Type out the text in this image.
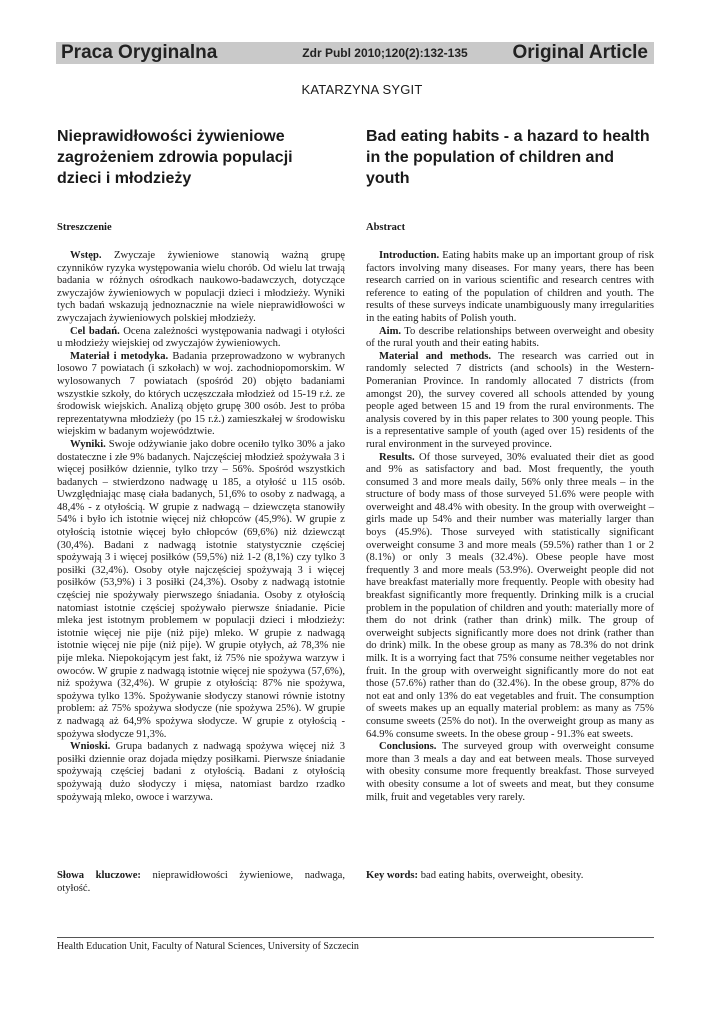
Praca Oryginalna	Zdr Publ 2010;120(2):132-135	Original Article
KATARZYNA SYGIT
Nieprawidłowości żywieniowe zagrożeniem zdrowia populacji dzieci i młodzieży
Bad eating habits - a hazard to health in the population of children and youth
Streszczenie	Abstract

Wstęp. Zwyczaje żywieniowe stanowią ważną grupę czynników ryzyka występowania wielu chorób. Od wielu lat trwają badania w różnych ośrodkach naukowo-badawczych, dotyczące zwyczajów żywieniowych w populacji dzieci i młodzieży. Wyniki tych badań wskazują jednoznacznie na wiele nieprawidłowości w zwyczajach żywieniowych polskiej młodzieży.

Cel badań. Ocena zależności występowania nadwagi i otyłości u młodzieży wiejskiej od zwyczajów żywieniowych.

Materiał i metodyka. Badania przeprowadzono w wybranych losowo 7 powiatach (i szkołach) w woj. zachodniopomorskim. W wylosowanych 7 powiatach (spośród 20) objęto badaniami wszystkie szkoły, do których uczęszczała młodzież od 15-19 r.ż. ze środowisk wiejskich. Analizą objęto grupę 300 osób. Jest to próba reprezentatywna młodzieży (po 15 r.ż.) zamieszkałej w środowisku wiejskim w badanym województwie.

Wyniki. Swoje odżywianie jako dobre oceniło tylko 30% a jako dostateczne i złe 9% badanych. Najczęściej młodzież spożywała 3 i więcej posiłków dziennie, tylko trzy – 56%. Spośród wszystkich badanych – stwierdzono nadwagę u 185, a otyłość u 115 osób. Uwzględniając masę ciała badanych, 51,6% to osoby z nadwagą, a 48,4% - z otyłością. W grupie z nadwagą – dziewczęta stanowiły 54% i było ich istotnie więcej niż chłopców (45,9%). W grupie z otyłością istotnie więcej było chłopców (69,6%) niż dziewcząt (30,4%). Badani z nadwagą istotnie statystycznie częściej spożywają 3 i więcej posiłków (59,5%) niż 1-2 (8,1%) czy tylko 3 posiłki (32,4%). Osoby otyłe najczęściej spożywają 3 i więcej posiłków (53,9%) i 3 posiłki (24,3%). Osoby z nadwagą istotnie częściej nie spożywały pierwszego śniadania. Osoby z otyłością natomiast istotnie częściej spożywało pierwsze śniadanie. Picie mleka jest istotnym problemem w populacji dzieci i młodzieży: istotnie więcej nie pije (niż pije) mleko. W grupie z nadwagą istotnie więcej nie pije (niż pije). W grupie otyłych, aż 78,3% nie pije mleka. Niepokojącym jest fakt, iż 75% nie spożywa warzyw i owoców. W grupie z nadwagą istotnie więcej nie spożywa (57,6%), niż spożywa (32,4%). W grupie z otyłością: 87% nie spożywa, spożywa tylko 13%. Spożywanie słodyczy stanowi równie istotny problem: aż 75% spożywa słodycze (nie spożywa 25%). W grupie z nadwagą aż 64,9% spożywa słodycze. W grupie z otyłością - spożywa słodycze 91,3%.

Wnioski. Grupa badanych z nadwagą spożywa więcej niż 3 posiłki dziennie oraz dojada między posiłkami. Pierwsze śniadanie spożywają częściej badani z otyłością. Badani z otyłością spożywają dużo słodyczy i mięsa, natomiast bardzo rzadko spożywają mleko, owoce i warzywa.

Introduction. Eating habits make up an important group of risk factors involving many diseases. For many years, there has been research carried on in various scientific and research centres with reference to eating of the population of children and youth. The results of these surveys indicate unambiguously many irregularities in the eating habits of Polish youth.

Aim. To describe relationships between overweight and obesity of the rural youth and their eating habits.

Material and methods. The research was carried out in randomly selected 7 districts (and schools) in the Western-Pomeranian Province. In randomly allocated 7 districts (from amongst 20), the survey covered all schools attended by young people aged between 15 and 19 from the rural environments. The analysis covered by in this paper relates to 300 young people. This is a representative sample of youth (aged over 15) residents of the rural environment in the surveyed province.

Results. Of those surveyed, 30% evaluated their diet as good and 9% as satisfactory and bad. Most frequently, the youth consumed 3 and more meals daily, 56% only three meals – in the structure of body mass of those surveyed 51.6% were people with overweight and 48.4% with obesity. In the group with overweight – girls made up 54% and their number was materially larger than boys (45.9%). Those surveyed with statistically significant overweight consume 3 and more meals (59.5%) rather than 1 or 2 (8.1%) or only 3 meals (32.4%). Obese people have most frequently 3 and more meals (53.9%). Overweight people did not have breakfast materially more frequently. People with obesity had breakfast significantly more frequently. Drinking milk is a crucial problem in the population of children and youth: materially more of them do not drink (rather than drink) milk. The group of overweight subjects significantly more does not drink (rather than do drink) milk. In the obese group as many as 78.3% do not drink milk. It is a worrying fact that 75% consume neither vegetables nor fruit. In the group with overweight significantly more do not eat those (57.6%) rather than do (32.4%). In the obese group, 87% do not eat and only 13% do eat vegetables and fruit. The consumption of sweets makes up an equally material problem: as many as 75% consume sweets (25% do not). In the overweight group as many as 64.9% consume sweets. In the obese group - 91.3% eat sweets.

Conclusions. The surveyed group with overweight consume more than 3 meals a day and eat between meals. Those surveyed with obesity consume more frequently breakfast. Those surveyed with obesity consume a lot of sweets and meat, but they consume milk, fruit and vegetables very rarely.

Słowa kluczowe: nieprawidłowości żywieniowe, nadwaga, otyłość.

Key words: bad eating habits, overweight, obesity.

Health Education Unit, Faculty of Natural Sciences, University of Szczecin
